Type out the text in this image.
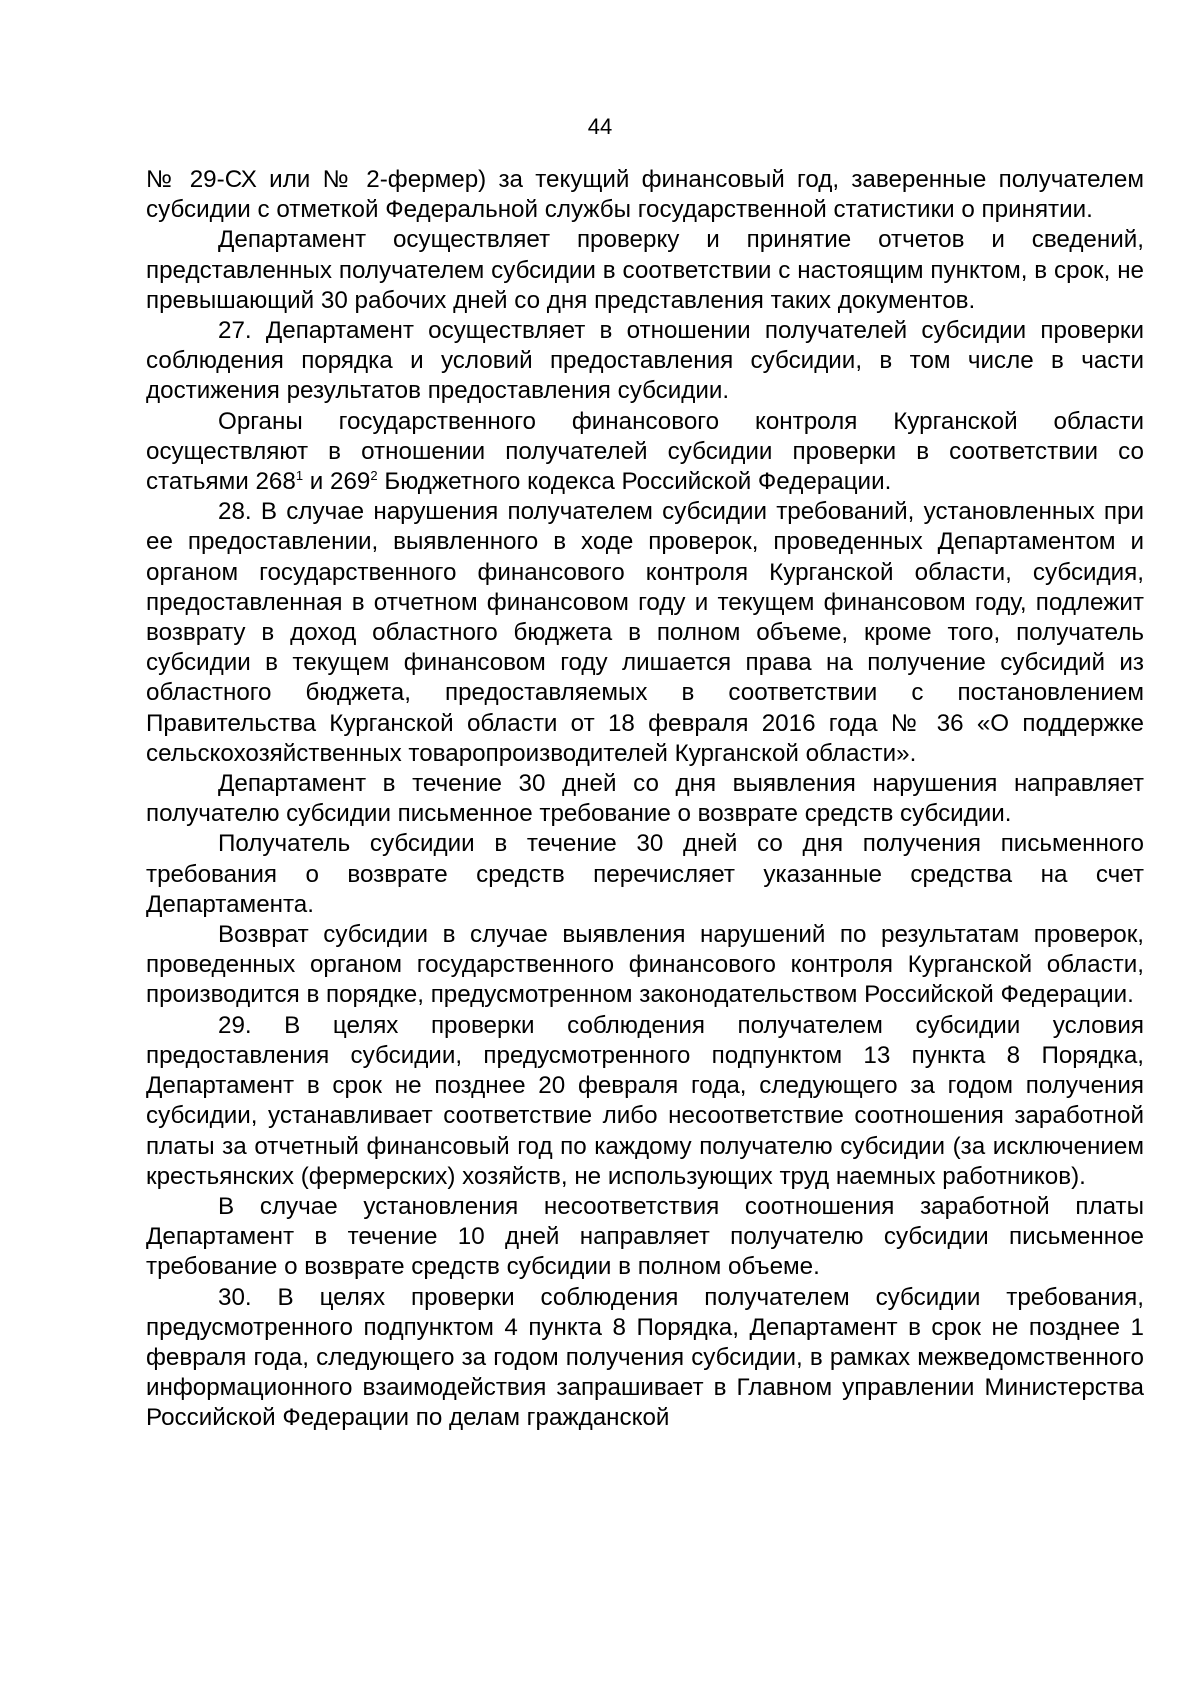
44

№ 29-СХ или № 2-фермер) за текущий финансовый год, заверенные получателем субсидии с отметкой Федеральной службы государственной статистики о принятии.

Департамент осуществляет проверку и принятие отчетов и сведений, представленных получателем субсидии в соответствии с настоящим пунктом, в срок, не превышающий 30 рабочих дней со дня представления таких документов.

27. Департамент осуществляет в отношении получателей субсидии проверки соблюдения порядка и условий предоставления субсидии, в том числе в части достижения результатов предоставления субсидии.

Органы государственного финансового контроля Курганской области осуществляют в отношении получателей субсидии проверки в соответствии со статьями $268^1$ и $269^2$ Бюджетного кодекса Российской Федерации.

28. В случае нарушения получателем субсидии требований, установленных при ее предоставлении, выявленного в ходе проверок, проведенных Департаментом и органом государственного финансового контроля Курганской области, субсидия, предоставленная в отчетном финансовом году и текущем финансовом году, подлежит возврату в доход областного бюджета в полном объеме, кроме того, получатель субсидии в текущем финансовом году лишается права на получение субсидий из областного бюджета, предоставляемых в соответствии с постановлением Правительства Курганской области от 18 февраля 2016 года № 36 «О поддержке сельскохозяйственных товаропроизводителей Курганской области».

Департамент в течение 30 дней со дня выявления нарушения направляет получателю субсидии письменное требование о возврате средств субсидии.

Получатель субсидии в течение 30 дней со дня получения письменного требования о возврате средств перечисляет указанные средства на счет Департамента.

Возврат субсидии в случае выявления нарушений по результатам проверок, проведенных органом государственного финансового контроля Курганской области, производится в порядке, предусмотренном законодательством Российской Федерации.

29. В целях проверки соблюдения получателем субсидии условия предоставления субсидии, предусмотренного подпунктом 13 пункта 8 Порядка, Департамент в срок не позднее 20 февраля года, следующего за годом получения субсидии, устанавливает соответствие либо несоответствие соотношения заработной платы за отчетный финансовый год по каждому получателю субсидии (за исключением крестьянских (фермерских) хозяйств, не использующих труд наемных работников).

В случае установления несоответствия соотношения заработной платы Департамент в течение 10 дней направляет получателю субсидии письменное требование о возврате средств субсидии в полном объеме.

30. В целях проверки соблюдения получателем субсидии требования, предусмотренного подпунктом 4 пункта 8 Порядка, Департамент в срок не позднее 1 февраля года, следующего за годом получения субсидии, в рамках межведомственного информационного взаимодействия запрашивает в Главном управлении Министерства Российской Федерации по делам гражданской
